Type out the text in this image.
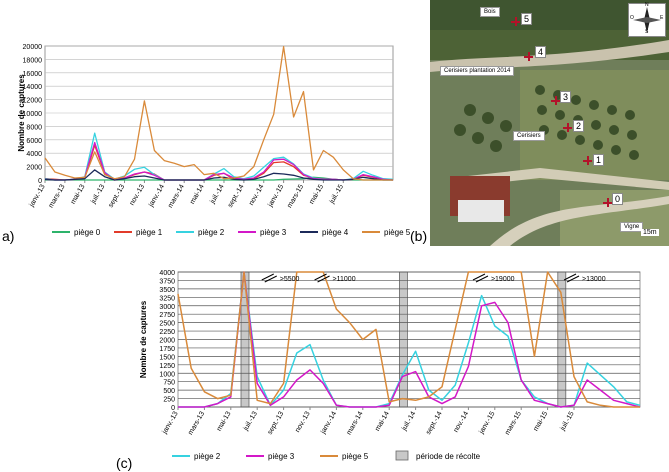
0
2000
4000
6000
8000
10000
12000
14000
16000
18000
20000
janv.-13 mars-13 mai-13 juil.-13 sept.-13 nov.-13 janv.-14 mars-14 mai-14 juil.-14 sept.-14 nov.-14 janv.-15 mars-15 mai-15 juil.-15
Nombre de captures
piège 0	piège 1	piège 2	piège 3	piège 4	piège 5
a)
Bois
Cerisiers plantation 2014
Cerisiers
Vigne
5
4
3
2
1
0
N
S
E
O
15m
(b)
0
250
500
750
1000
1250
1500
1750
2000
2250
2500
2750
3000
3250
3500
3750
4000
janv.-13 mars-13 mai-13 juil.-13 sept.-13 nov.-13 janv.-14 mars-14 mai-14 juil.-14 sept.-14 nov.-14 janv.-15 mars-15 mai-15 juil.-15
Nombre de captures
>5500	>11000	>19000	>13000
piège 2	piège 3	piège 5	période de récolte
(c)
